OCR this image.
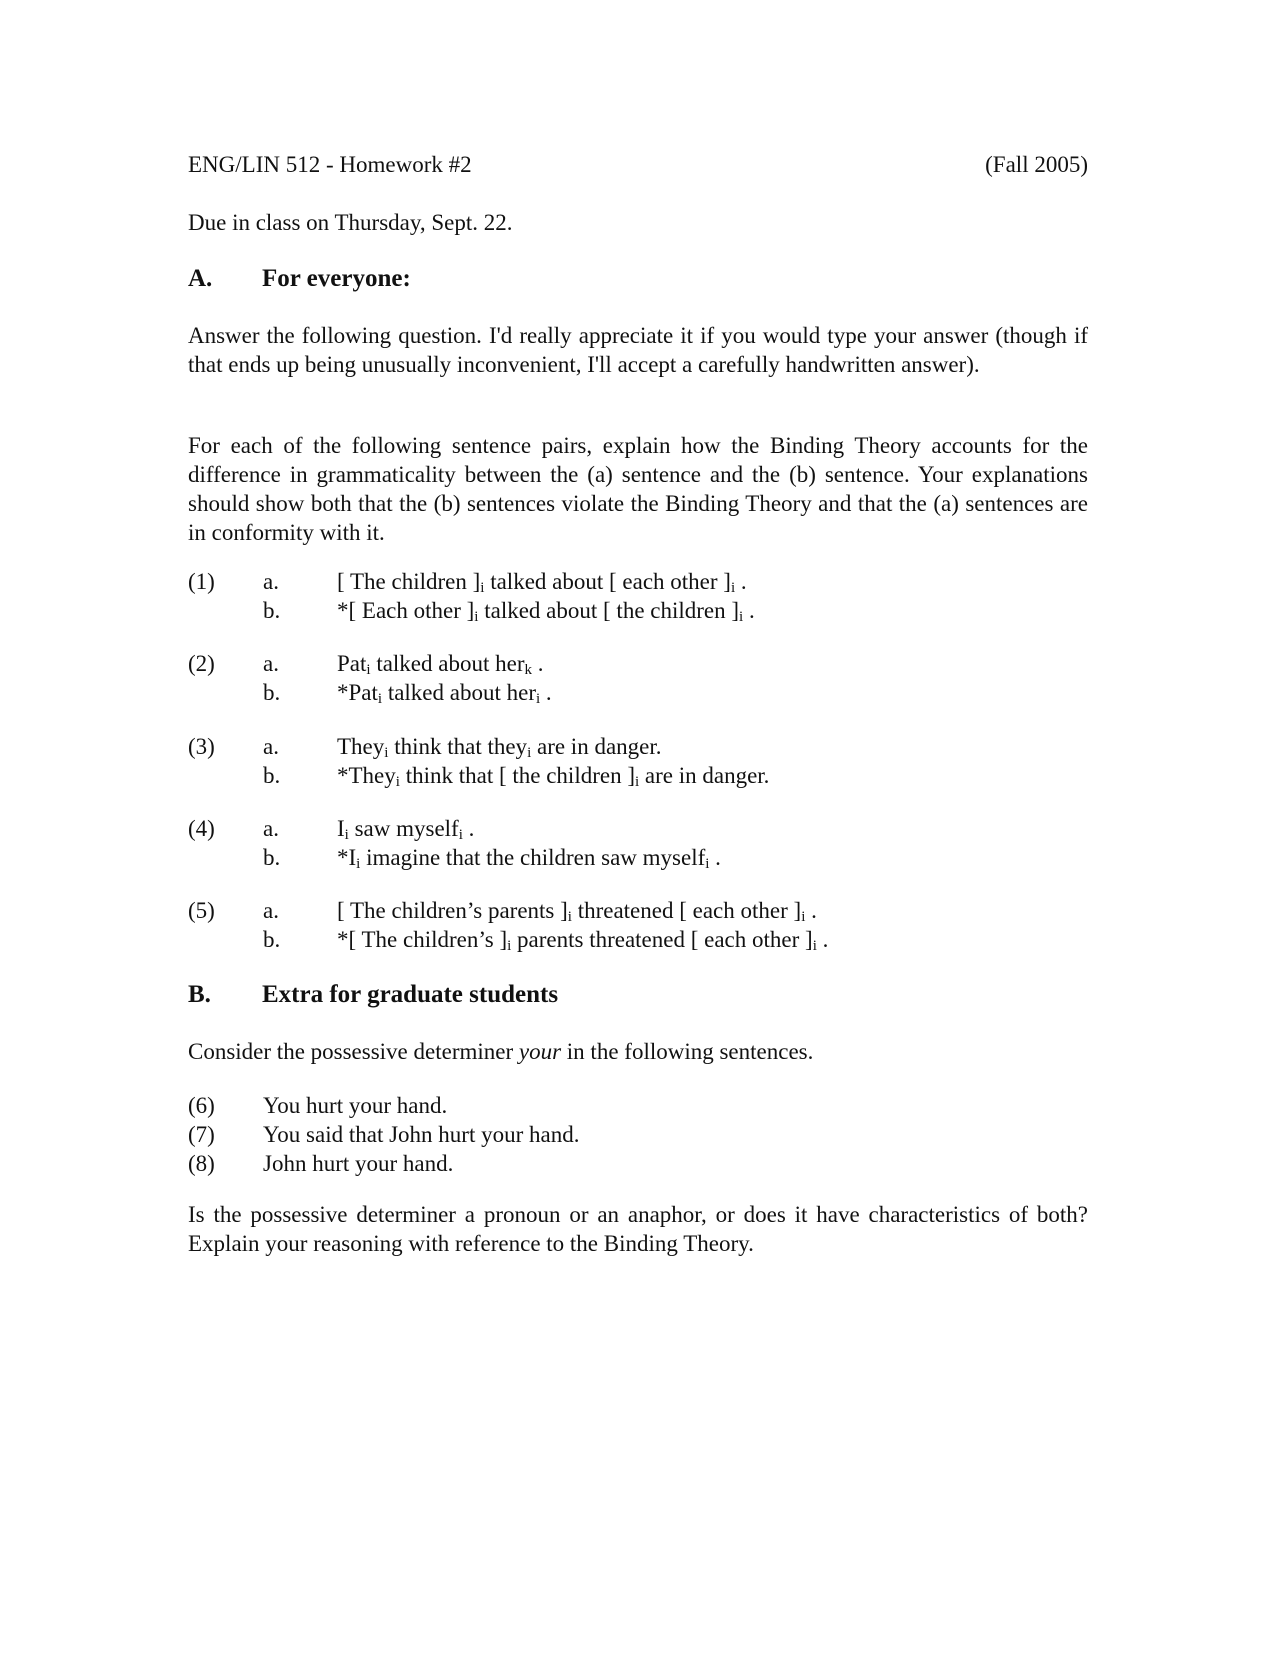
ENG/LIN 512 - Homework #2	(Fall 2005)
Due in class on Thursday, Sept. 22.
A. For everyone:
Answer the following question. I'd really appreciate it if you would type your answer (though if that ends up being unusually inconvenient, I'll accept a carefully handwritten answer).
For each of the following sentence pairs, explain how the Binding Theory accounts for the difference in grammaticality between the (a) sentence and the (b) sentence. Your explanations should show both that the (b) sentences violate the Binding Theory and that the (a) sentences are in conformity with it.
(1) a.	[ The children ]$_i$ talked about [ each other ]$_i$ .
b. *[ Each other ]$_i$ talked about [ the children ]$_i$ .
(2) a.	Pat$_i$ talked about her$_k$ .
b. *Pat$_i$ talked about her$_i$ .
(3) a.	They$_i$ think that they$_i$ are in danger.
b. *They$_i$ think that [ the children ]$_i$ are in danger.
(4) a.	$I_i$ saw myself$_i$ .
b. $*I_i$ imagine that the children saw myself$_i$ .
(5) a.	[ The children’s parents ]$_i$ threatened [ each other ]$_i$ .
b. *[ The children’s ]$_i$ parents threatened [ each other ]$_i$ .
B. Extra for graduate students
Consider the possessive determiner your in the following sentences.
(6) You hurt your hand.
(7) You said that John hurt your hand.
(8) John hurt your hand.
Is the possessive determiner a pronoun or an anaphor, or does it have characteristics of both? Explain your reasoning with reference to the Binding Theory.
